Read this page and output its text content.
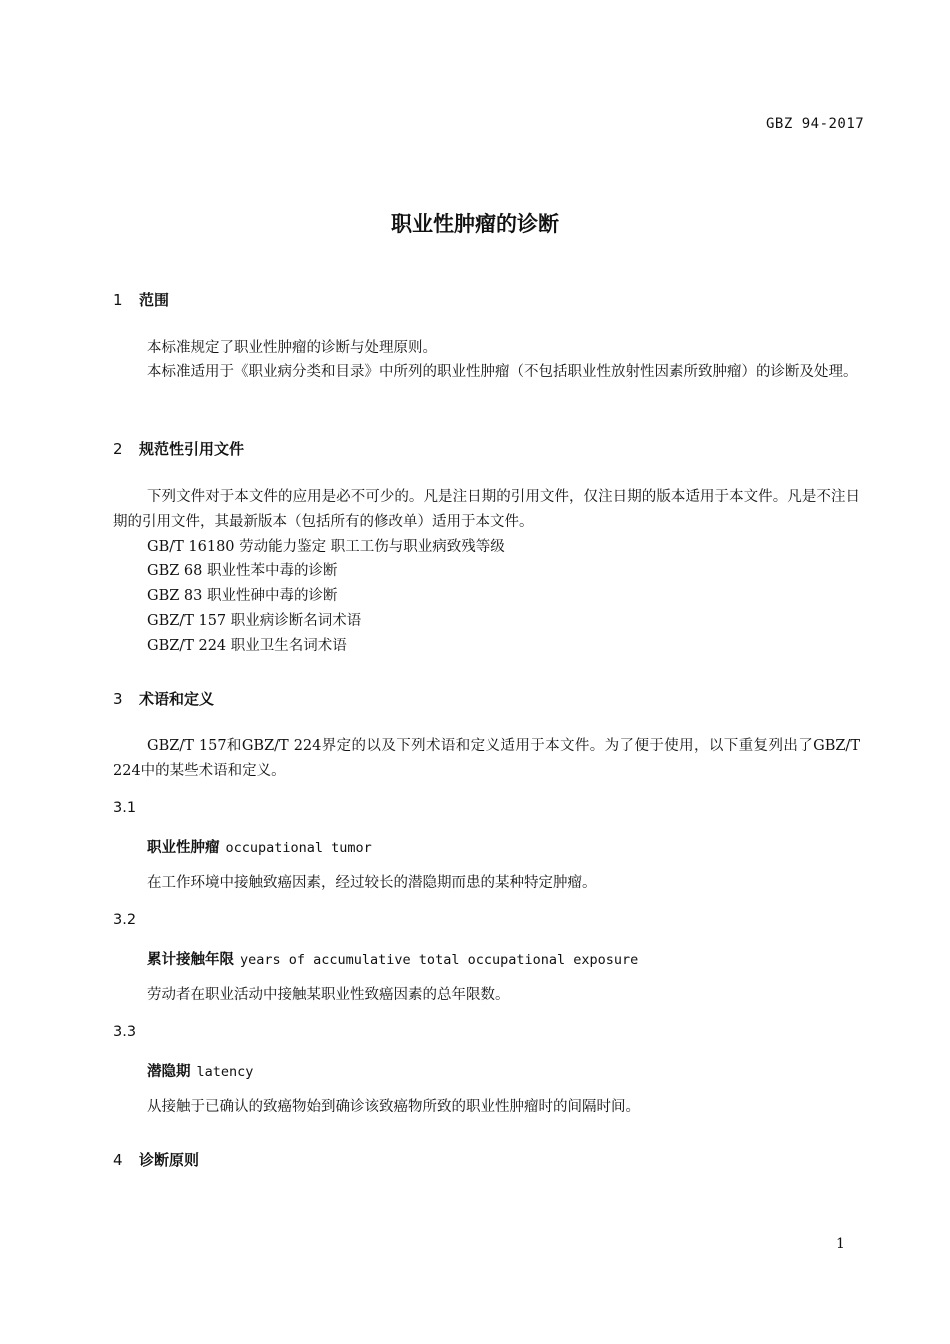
GBZ 94-2017
职业性肿瘤的诊断
1 范围
本标准规定了职业性肿瘤的诊断与处理原则。
本标准适用于《职业病分类和目录》中所列的职业性肿瘤（不包括职业性放射性因素所致肿瘤）的诊断及处理。
2 规范性引用文件
下列文件对于本文件的应用是必不可少的。凡是注日期的引用文件，仅注日期的版本适用于本文件。凡是不注日期的引用文件，其最新版本（包括所有的修改单）适用于本文件。
GB/T 16180 劳动能力鉴定 职工工伤与职业病致残等级
GBZ 68 职业性苯中毒的诊断
GBZ 83 职业性砷中毒的诊断
GBZ/T 157 职业病诊断名词术语
GBZ/T 224 职业卫生名词术语
3 术语和定义
GBZ/T 157和GBZ/T 224界定的以及下列术语和定义适用于本文件。为了便于使用，以下重复列出了GBZ/T 224中的某些术语和定义。
3.1
职业性肿瘤 occupational tumor
在工作环境中接触致癌因素，经过较长的潜隐期而患的某种特定肿瘤。
3.2
累计接触年限 years of accumulative total occupational exposure
劳动者在职业活动中接触某职业性致癌因素的总年限数。
3.3
潜隐期 latency
从接触于已确认的致癌物始到确诊该致癌物所致的职业性肿瘤时的间隔时间。
4 诊断原则
1
